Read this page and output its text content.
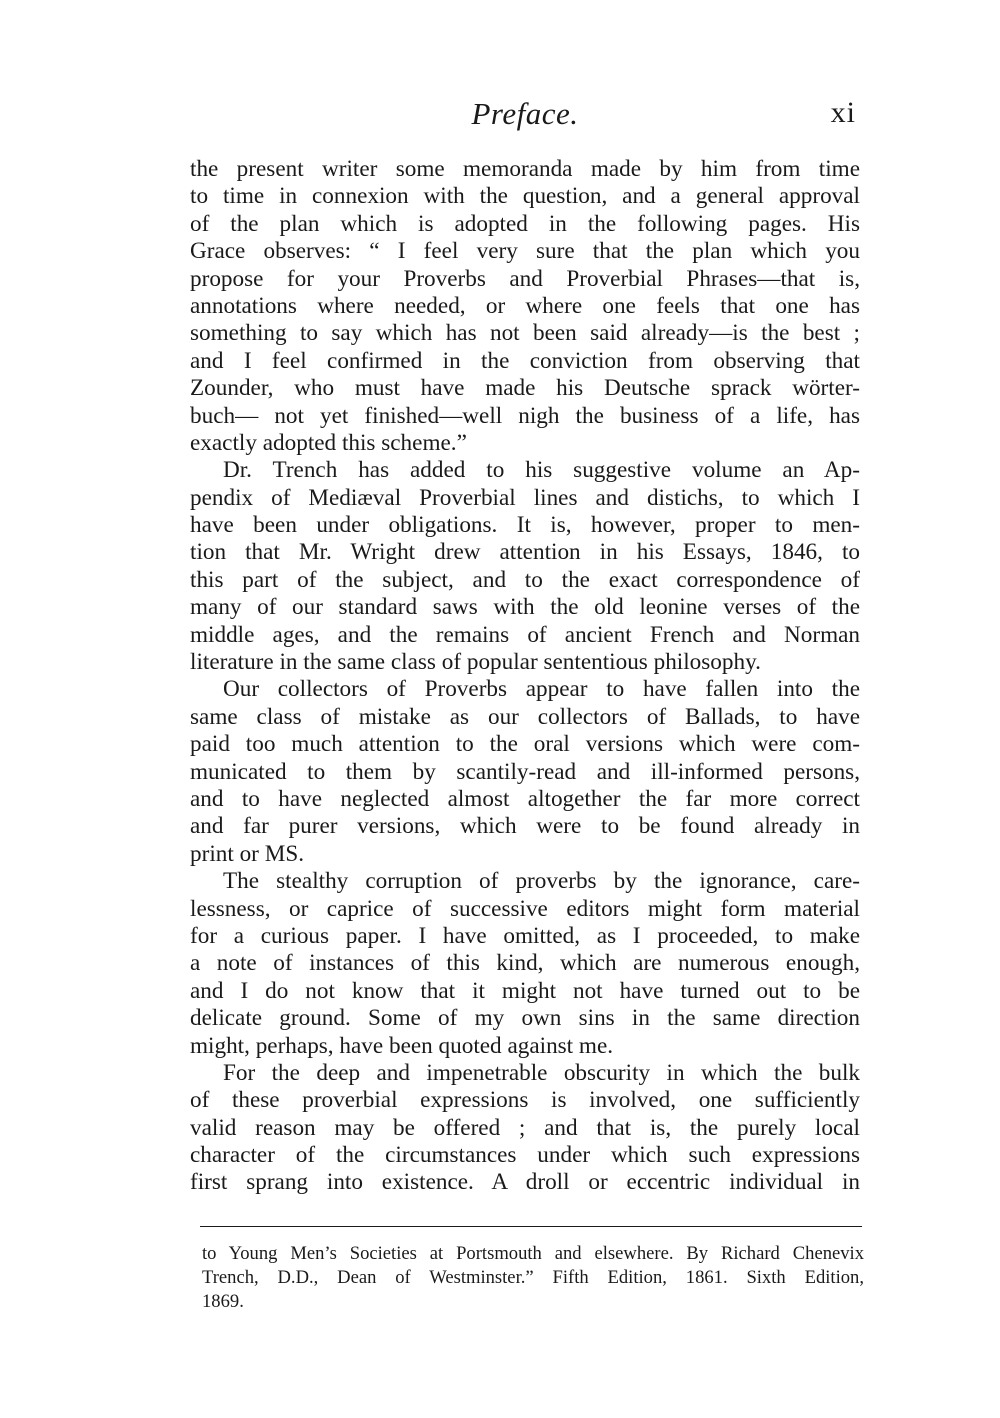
Preface.	xi
the present writer some memoranda made by him from time
to time in connexion with the question, and a general approval
of the plan which is adopted in the following pages. His
Grace observes: “ I feel very sure that the plan which you
propose for your Proverbs and Proverbial Phrases—that is,
annotations where needed, or where one feels that one has
something to say which has not been said already—is the best ;
and I feel confirmed in the conviction from observing that
Zounder, who must have made his Deutsche sprack wörter-
buch— not yet finished—well nigh the business of a life, has
exactly adopted this scheme.”
Dr. Trench has added to his suggestive volume an Ap-
pendix of Mediæval Proverbial lines and distichs, to which I
have been under obligations. It is, however, proper to men-
tion that Mr. Wright drew attention in his Essays, 1846, to
this part of the subject, and to the exact correspondence of
many of our standard saws with the old leonine verses of the
middle ages, and the remains of ancient French and Norman
literature in the same class of popular sententious philosophy.
Our collectors of Proverbs appear to have fallen into the
same class of mistake as our collectors of Ballads, to have
paid too much attention to the oral versions which were com-
municated to them by scantily-read and ill-informed persons,
and to have neglected almost altogether the far more correct
and far purer versions, which were to be found already in
print or MS.
The stealthy corruption of proverbs by the ignorance, care-
lessness, or caprice of successive editors might form material
for a curious paper. I have omitted, as I proceeded, to make
a note of instances of this kind, which are numerous enough,
and I do not know that it might not have turned out to be
delicate ground. Some of my own sins in the same direction
might, perhaps, have been quoted against me.
For the deep and impenetrable obscurity in which the bulk
of these proverbial expressions is involved, one sufficiently
valid reason may be offered ; and that is, the purely local
character of the circumstances under which such expressions
first sprang into existence. A droll or eccentric individual in
to Young Men’s Societies at Portsmouth and elsewhere. By Richard Chenevix
Trench, D.D., Dean of Westminster.” Fifth Edition, 1861. Sixth Edition,
1869.
